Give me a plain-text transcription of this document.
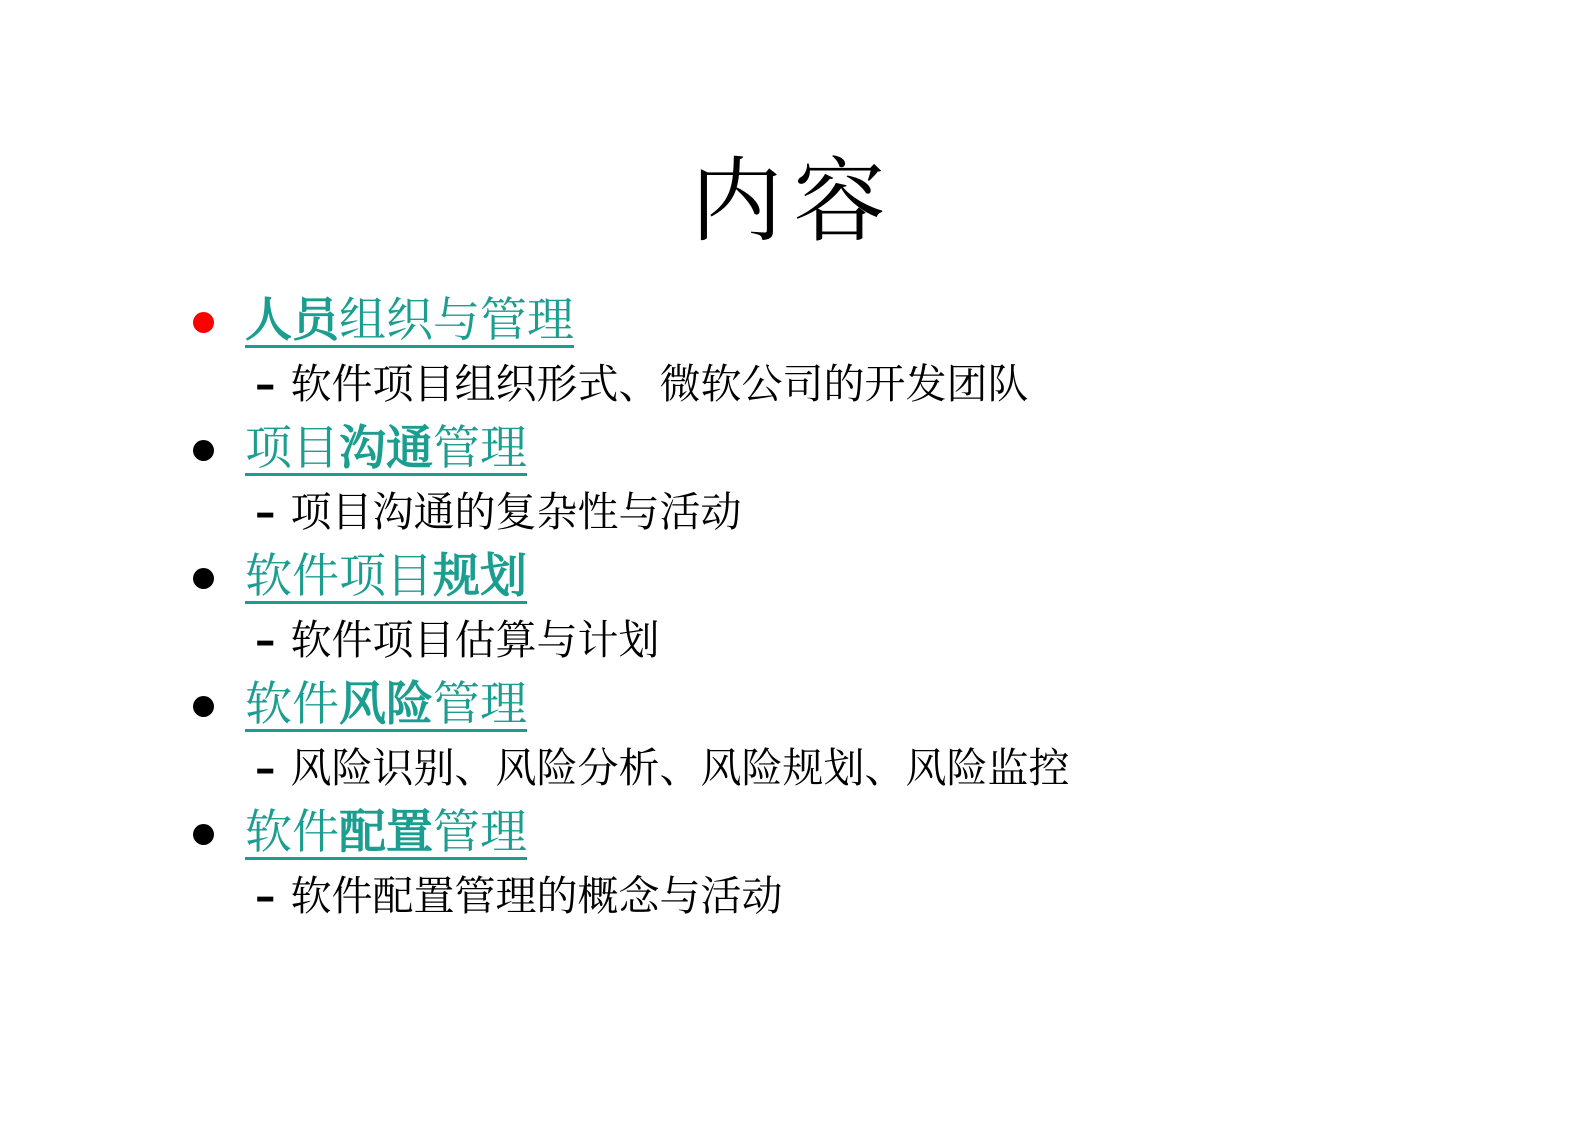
内容
人员组织与管理
– 软件项目组织形式、微软公司的开发团队
项目沟通管理
– 项目沟通的复杂性与活动
软件项目规划
– 软件项目估算与计划
软件风险管理
– 风险识别、风险分析、风险规划、风险监控
软件配置管理
– 软件配置管理的概念与活动
